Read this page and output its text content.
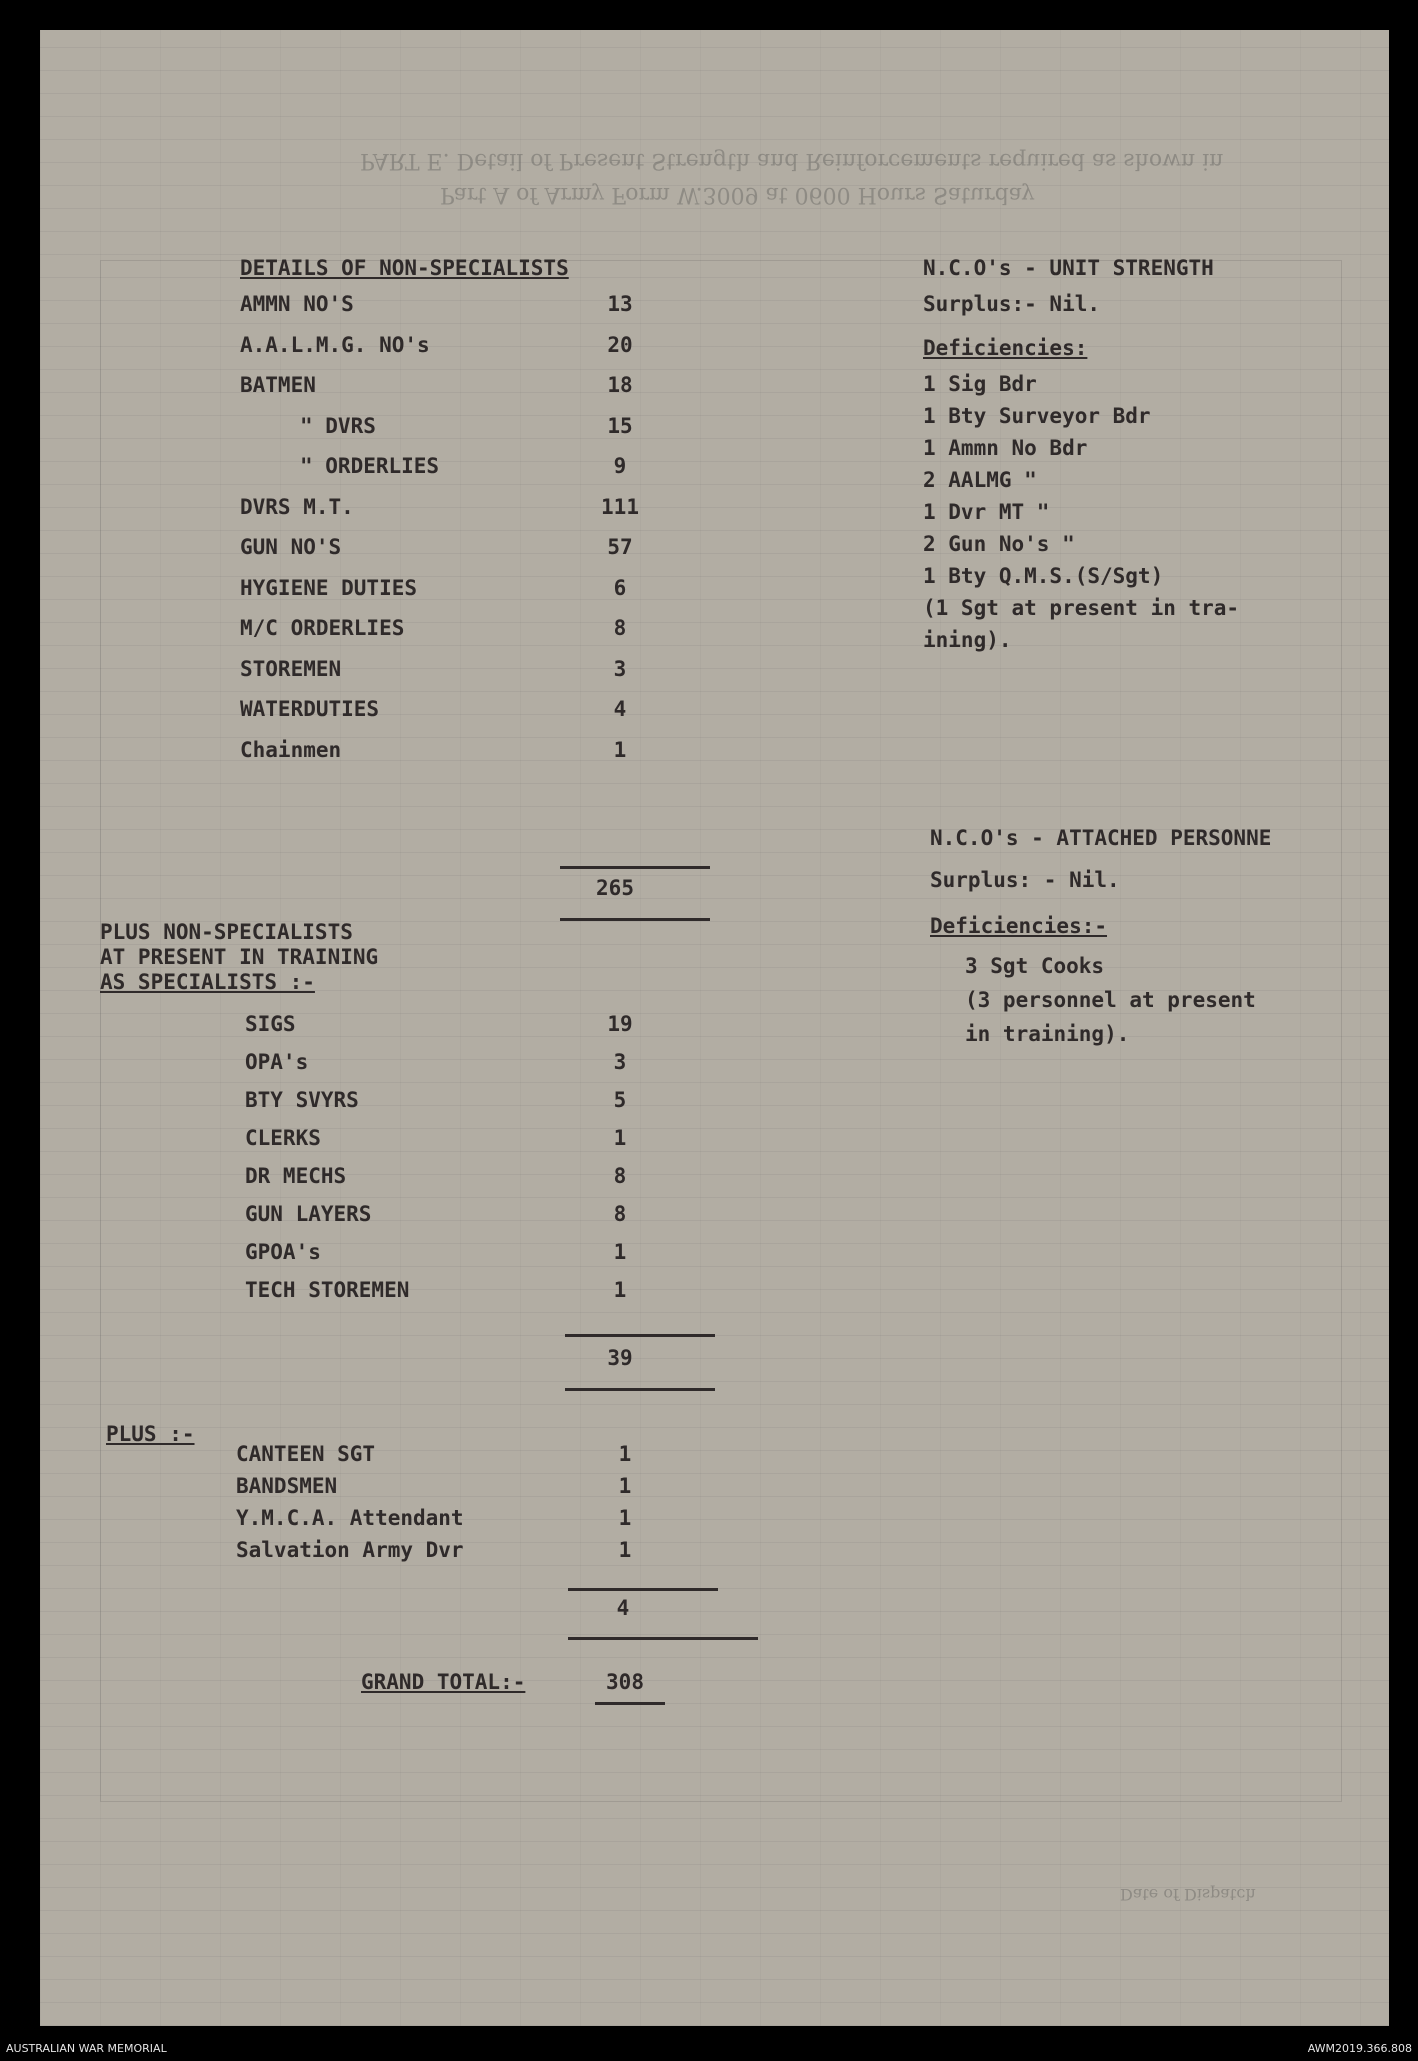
PART E. Detail of Present Strength and Reinforcements required as shown in
Part A of Army Form W.3009 at 0600 Hours Saturday
Date of Dispatch
DETAILS OF NON-SPECIALISTS
AMMN NO'S	13
A.A.L.M.G. NO's	20
BATMEN	18
" DVRS	15
" ORDERLIES	9
DVRS M.T.	111
GUN NO'S	57
HYGIENE DUTIES	6
M/C ORDERLIES	8
STOREMEN	3
WATERDUTIES	4
Chainmen	1
265
PLUS NON-SPECIALISTS
AT PRESENT IN TRAINING
AS SPECIALISTS :-
SIGS	19
OPA's	3
BTY SVYRS	5
CLERKS	1
DR MECHS	8
GUN LAYERS	8
GPOA's	1
TECH STOREMEN	1
39
PLUS :-
CANTEEN SGT	1
BANDSMEN	1
Y.M.C.A. Attendant	1
Salvation Army Dvr	1
4
GRAND TOTAL:-	308
N.C.O's - UNIT STRENGTH
Surplus:- Nil.
Deficiencies:
1 Sig Bdr
1 Bty Surveyor Bdr
1 Ammn No Bdr
2 AALMG "
1 Dvr MT "
2 Gun No's "
1 Bty Q.M.S.(S/Sgt)
(1 Sgt at present in tra-
ining).
N.C.O's - ATTACHED PERSONNE
Surplus: - Nil.
Deficiencies:-
3 Sgt Cooks
(3 personnel at present
in training).
AUSTRALIAN WAR MEMORIAL	AWM2019.366.808
